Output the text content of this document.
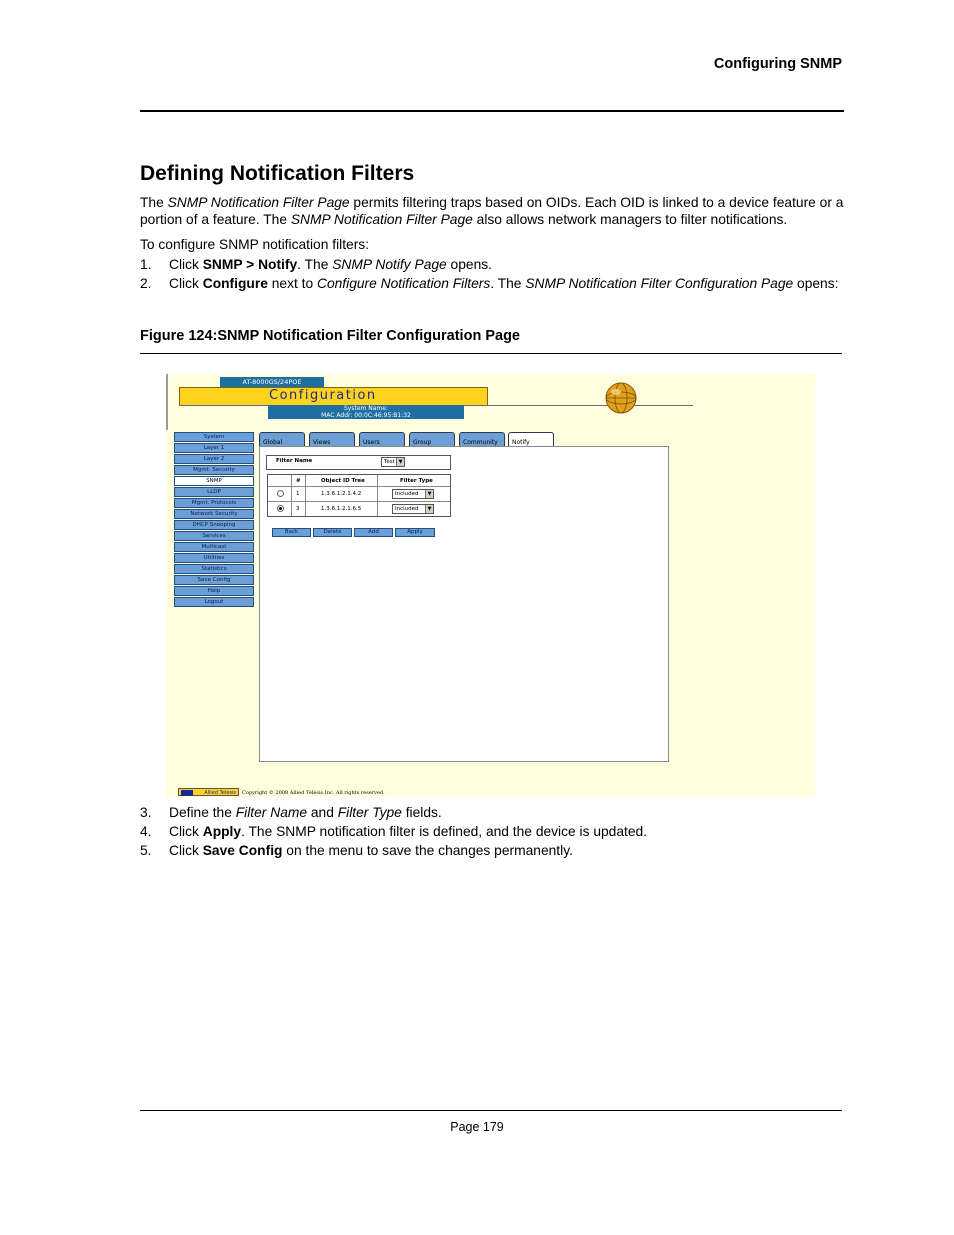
Configuring SNMP
Defining Notification Filters
The SNMP Notification Filter Page permits filtering traps based on OIDs. Each OID is linked to a device feature or a portion of a feature. The SNMP Notification Filter Page also allows network managers to filter notifications.
To configure SNMP notification filters:
1. Click SNMP > Notify. The SNMP Notify Page opens.
2. Click Configure next to Configure Notification Filters. The SNMP Notification Filter Configuration Page opens:
Figure 124:SNMP Notification Filter Configuration Page
AT-8000GS/24POE
Configuration
System Name:
MAC Addr: 00:0C:46:95:B1:32
System
Layer 1
Layer 2
Mgmt. Security
SNMP
LLDP
Mgmt. Protocols
Network Security
DHCP Snooping
Services
Multicast
Utilities
Statistics
Save Config
Help
Logout
Global	Views	Users	Group	Community	Notify
Filter Name	Test ▼
#	Object ID Tree	Filter Type
1	1.3.6.1.2.1.4.2	Included	▼
3	1.3.6.1.2.1.6.5	Included	▼
Back	Delete	Add	Apply
Allied Telesis	Copyright © 2008 Allied Telesis Inc. All rights reserved.
3. Define the Filter Name and Filter Type fields.
4. Click Apply. The SNMP notification filter is defined, and the device is updated.
5. Click Save Config on the menu to save the changes permanently.
Page 179
